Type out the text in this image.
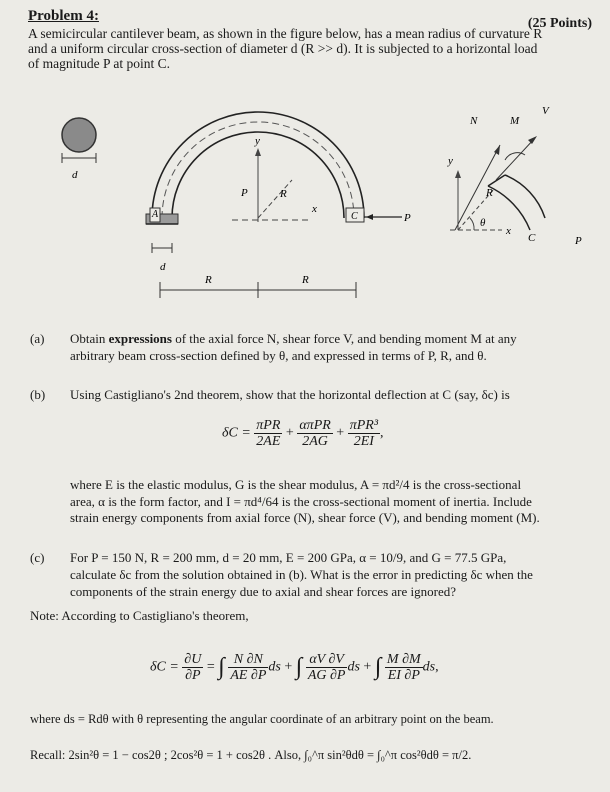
Problem 4:	(25 Points)
A semicircular cantilever beam, as shown in the figure below, has a mean radius of curvature R
and a uniform circular cross-section of diameter d (R >> d). It is subjected to a horizontal load
of magnitude P at point C.
d
A	C	P
y
x
R
P
d
R	R
N	M
V
y
x
R
θ
C	P
(a) Obtain expressions of the axial force N, shear force V, and bending moment M at any
arbitrary beam cross-section defined by θ, and expressed in terms of P, R, and θ.
(b) Using Castigliano's 2nd theorem, show that the horizontal deflection at C (say, δc) is
$\delta C = \frac{\text{πPR}}{2AE} + \frac{\text{απPR}}{2AG} + \frac{\text{πPR³}}{2EI}$ ,
where E is the elastic modulus, G is the shear modulus, A = πd²/4 is the cross-sectional
area, α is the form factor, and I = πd⁴/64 is the cross-sectional moment of inertia. Include
strain energy components from axial force (N), shear force (V), and bending moment (M).
(c) For P = 150 N, R = 200 mm, d = 20 mm, E = 200 GPa, α = 10/9, and G = 77.5 GPa,
calculate δc from the solution obtained in (b). What is the error in predicting δc when the
components of the strain energy due to axial and shear forces are ignored?
Note: According to Castigliano's theorem,
$\delta C = \frac{\partial U}{\partial P}$ = ∫ $\frac{N \partial N}{AE \partial P}$ ds + ∫ $\frac{\alpha V \partial V}{AG \partial P}$ ds + ∫ $\frac{M \partial M}{EI \partial P}$ ds,
where ds = Rdθ with θ representing the angular coordinate of an arbitrary point on the beam.
Recall: 2sin²θ = 1 − cos2θ ; 2cos²θ = 1 + cos2θ . Also, ∫₀^π sin²θdθ = ∫₀^π cos²θdθ = π/2.
